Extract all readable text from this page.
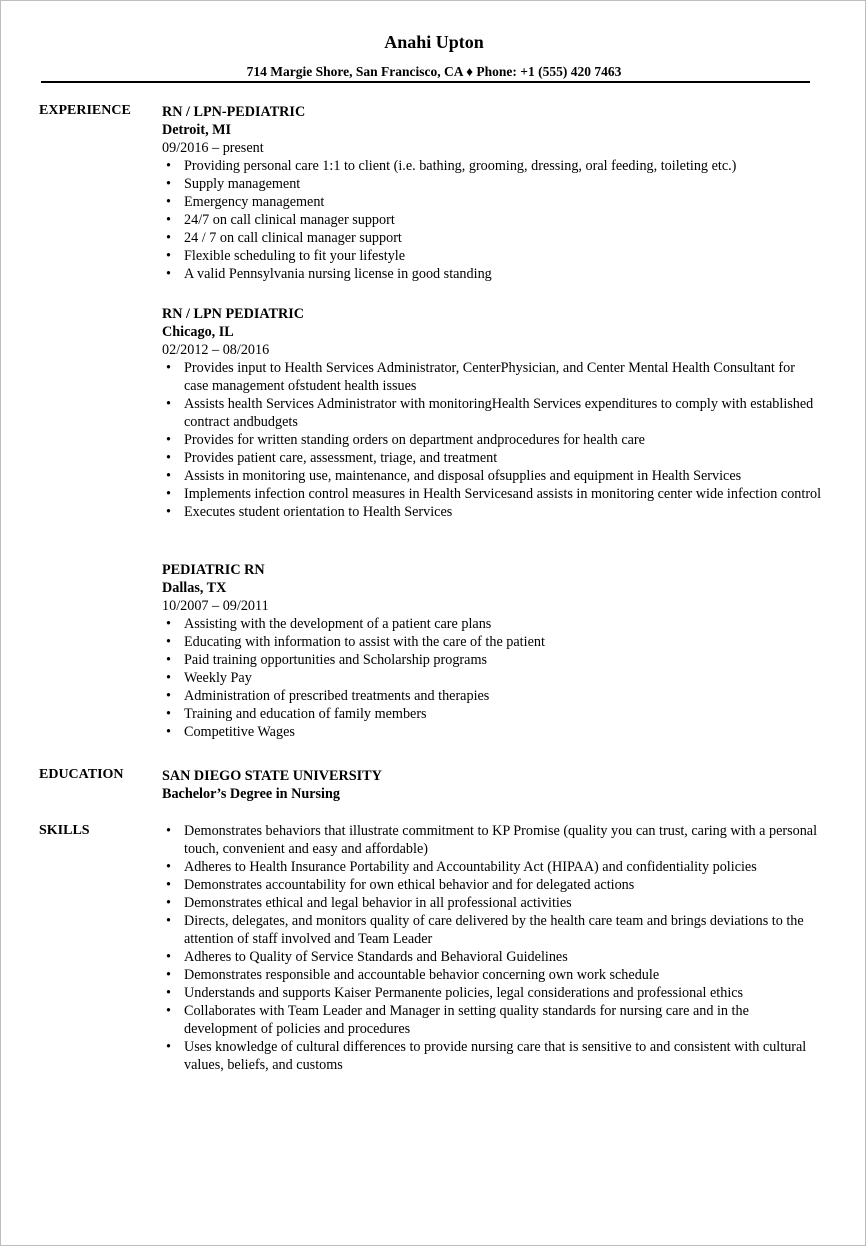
Anahi Upton
714 Margie Shore, San Francisco, CA ♦ Phone: +1 (555) 420 7463
EXPERIENCE RN / LPN-PEDIATRIC
Detroit, MI
09/2016 – present
• Providing personal care 1:1 to client (i.e. bathing, grooming, dressing, oral feeding, toileting etc.)
• Supply management
• Emergency management
• 24/7 on call clinical manager support
• 24 / 7 on call clinical manager support
• Flexible scheduling to fit your lifestyle
• A valid Pennsylvania nursing license in good standing
RN / LPN PEDIATRIC
Chicago, IL
02/2012 – 08/2016
• Provides input to Health Services Administrator, CenterPhysician, and Center Mental Health Consultant for case management ofstudent health issues
• Assists health Services Administrator with monitoringHealth Services expenditures to comply with established contract andbudgets
• Provides for written standing orders on department andprocedures for health care
• Provides patient care, assessment, triage, and treatment
• Assists in monitoring use, maintenance, and disposal ofsupplies and equipment in Health Services
• Implements infection control measures in Health Servicesand assists in monitoring center wide infection control
• Executes student orientation to Health Services
PEDIATRIC RN
Dallas, TX
10/2007 – 09/2011
• Assisting with the development of a patient care plans
• Educating with information to assist with the care of the patient
• Paid training opportunities and Scholarship programs
• Weekly Pay
• Administration of prescribed treatments and therapies
• Training and education of family members
• Competitive Wages
EDUCATION	SAN DIEGO STATE UNIVERSITY
Bachelor’s Degree in Nursing
SKILLS
•	Demonstrates behaviors that illustrate commitment to KP Promise (quality you can trust, caring with a personal touch, convenient and easy and affordable)
• Adheres to Health Insurance Portability and Accountability Act (HIPAA) and confidentiality policies
• Demonstrates accountability for own ethical behavior and for delegated actions
• Demonstrates ethical and legal behavior in all professional activities
• Directs, delegates, and monitors quality of care delivered by the health care team and brings deviations to the attention of staff involved and Team Leader
• Adheres to Quality of Service Standards and Behavioral Guidelines
• Demonstrates responsible and accountable behavior concerning own work schedule
• Understands and supports Kaiser Permanente policies, legal considerations and professional ethics
• Collaborates with Team Leader and Manager in setting quality standards for nursing care and in the development of policies and procedures
• Uses knowledge of cultural differences to provide nursing care that is sensitive to and consistent with cultural values, beliefs, and customs
